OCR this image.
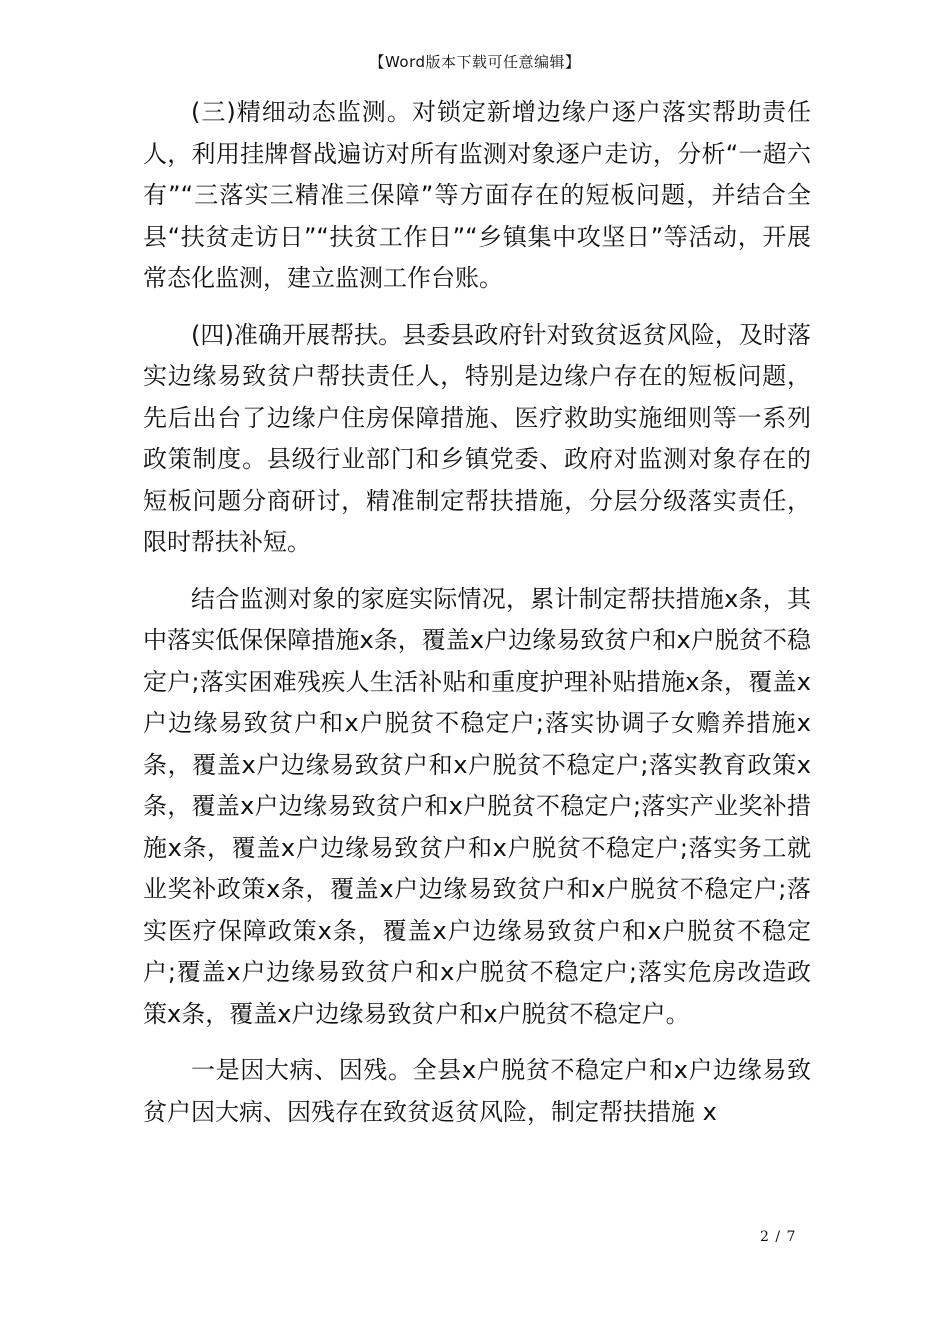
【Word版本下载可任意编辑】

(三)精细动态监测。对锁定新增边缘户逐户落实帮助责任人，利用挂牌督战遍访对所有监测对象逐户走访，分析“一超六有”“三落实三精准三保障”等方面存在的短板问题，并结合全县“扶贫走访日”“扶贫工作日”“乡镇集中攻坚日”等活动，开展常态化监测，建立监测工作台账。

(四)准确开展帮扶。县委县政府针对致贫返贫风险，及时落实边缘易致贫户帮扶责任人，特别是边缘户存在的短板问题，先后出台了边缘户住房保障措施、医疗救助实施细则等一系列政策制度。县级行业部门和乡镇党委、政府对监测对象存在的短板问题分商研讨，精准制定帮扶措施，分层分级落实责任，限时帮扶补短。

结合监测对象的家庭实际情况，累计制定帮扶措施x条，其中落实低保保障措施x条，覆盖x户边缘易致贫户和x户脱贫不稳定户;落实困难残疾人生活补贴和重度护理补贴措施x条，覆盖x户边缘易致贫户和x户脱贫不稳定户;落实协调子女赡养措施x条，覆盖x户边缘易致贫户和x户脱贫不稳定户;落实教育政策x条，覆盖x户边缘易致贫户和x户脱贫不稳定户;落实产业奖补措施x条，覆盖x户边缘易致贫户和x户脱贫不稳定户;落实务工就业奖补政策x条，覆盖x户边缘易致贫户和x户脱贫不稳定户;落实医疗保障政策x条，覆盖x户边缘易致贫户和x户脱贫不稳定户;覆盖x户边缘易致贫户和x户脱贫不稳定户;落实危房改造政策x条，覆盖x户边缘易致贫户和x户脱贫不稳定户。

一是因大病、因残。全县x户脱贫不稳定户和x户边缘易致贫户因大病、因残存在致贫返贫风险，制定帮扶措施 x

2 / 7
